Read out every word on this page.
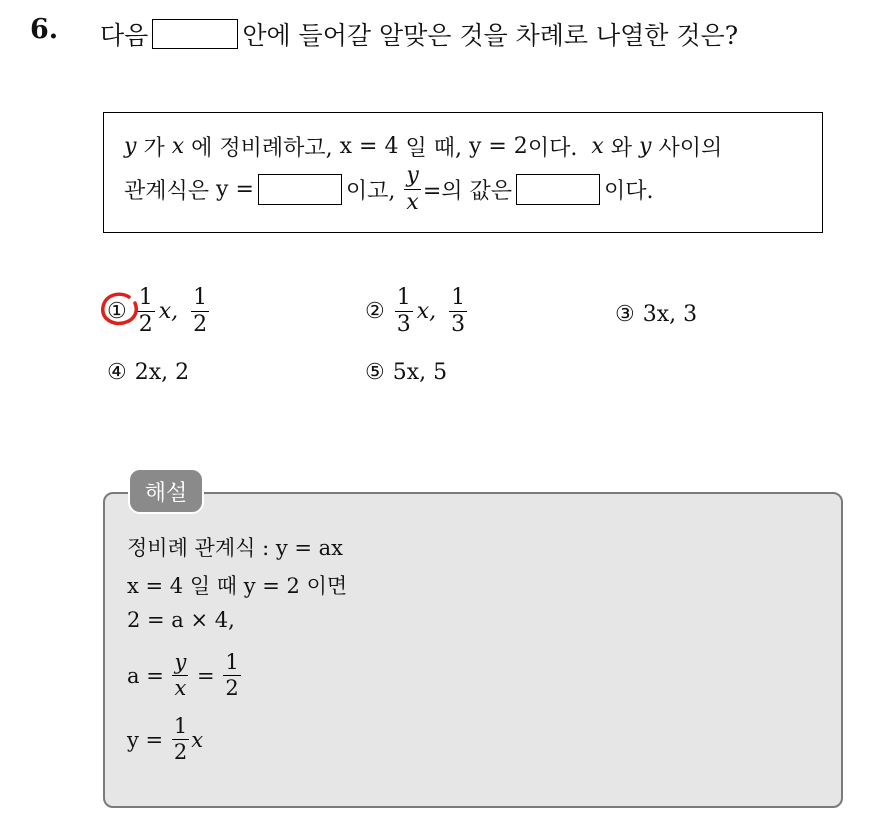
6. 다음	안에 들어갈 알맞은 것을 차례로 나열한 것은?
y
가
x
에 정비례하고,
x = 4
일 때,
y = 2 이다.
x
와
y
사이의
관계식은
y =	이고,
$\frac{y}{x}$ =의 값은	이다.
① $\frac{1}{2} x$,
$\frac{1}{2}$	② $\frac{1}{3} x$,
$\frac{1}{3}$	③ 3x, 3
④ 2x, 2	⑤ 5x, 5
정비례 관계식 : y = ax
x = 4 일 때 y = 2 이면
2 = a × 4,
a =
$\frac{y}{x}$
=
$\frac{1}{2}$
y =
$\frac{1}{2}$ x
해설
